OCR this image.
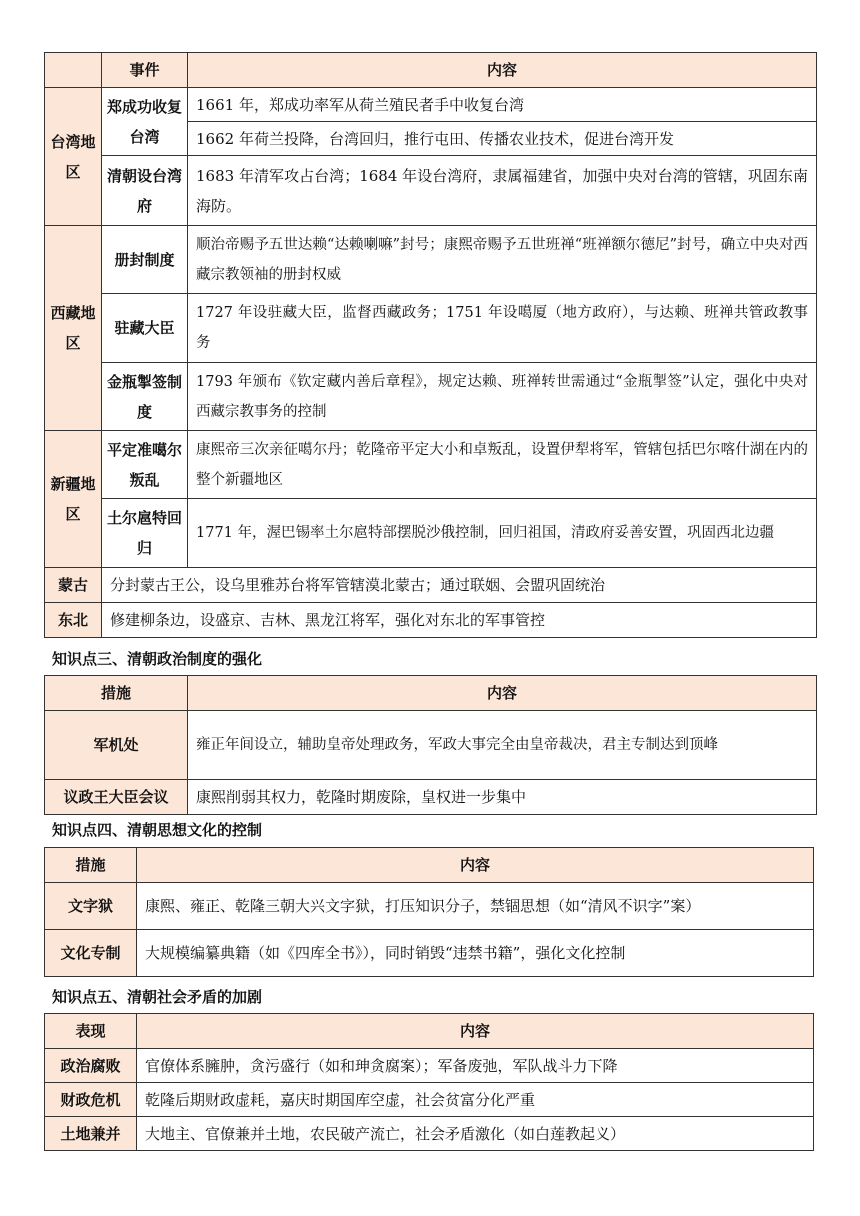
	事件	内容
台湾地区	郑成功收复台湾	1661 年，郑成功率军从荷兰殖民者手中收复台湾
		1662 年荷兰投降，台湾回归，推行屯田、传播农业技术，促进台湾开发
	清朝设台湾府	1683 年清军攻占台湾；1684 年设台湾府，隶属福建省，加强中央对台湾的管辖，巩固东南海防。
西藏地区	册封制度	顺治帝赐予五世达赖“达赖喇嘛”封号；康熙帝赐予五世班禅“班禅额尔德尼”封号，确立中央对西藏宗教领袖的册封权威
	驻藏大臣	1727 年设驻藏大臣，监督西藏政务；1751 年设噶厦（地方政府），与达赖、班禅共管政教事务
	金瓶掣签制度	1793 年颁布《钦定藏内善后章程》，规定达赖、班禅转世需通过“金瓶掣签”认定，强化中央对西藏宗教事务的控制
新疆地区	平定准噶尔叛乱	康熙帝三次亲征噶尔丹；乾隆帝平定大小和卓叛乱，设置伊犁将军，管辖包括巴尔喀什湖在内的整个新疆地区
	土尔扈特回归	1771 年，渥巴锡率土尔扈特部摆脱沙俄控制，回归祖国，清政府妥善安置，巩固西北边疆
蒙古	分封蒙古王公，设乌里雅苏台将军管辖漠北蒙古；通过联姻、会盟巩固统治	
东北	修建柳条边，设盛京、吉林、黑龙江将军，强化对东北的军事管控	
知识点三、清朝政治制度的强化
措施	内容
军机处	雍正年间设立，辅助皇帝处理政务，军政大事完全由皇帝裁决，君主专制达到顶峰
议政王大臣会议	康熙削弱其权力，乾隆时期废除，皇权进一步集中
知识点四、清朝思想文化的控制
措施	内容
文字狱	康熙、雍正、乾隆三朝大兴文字狱，打压知识分子，禁锢思想（如“清风不识字”案）
文化专制	大规模编纂典籍（如《四库全书》），同时销毁“违禁书籍”，强化文化控制
知识点五、清朝社会矛盾的加剧
表现	内容
政治腐败	官僚体系臃肿，贪污盛行（如和珅贪腐案）；军备废弛，军队战斗力下降
财政危机	乾隆后期财政虚耗，嘉庆时期国库空虚，社会贫富分化严重
土地兼并	大地主、官僚兼并土地，农民破产流亡，社会矛盾激化（如白莲教起义）
